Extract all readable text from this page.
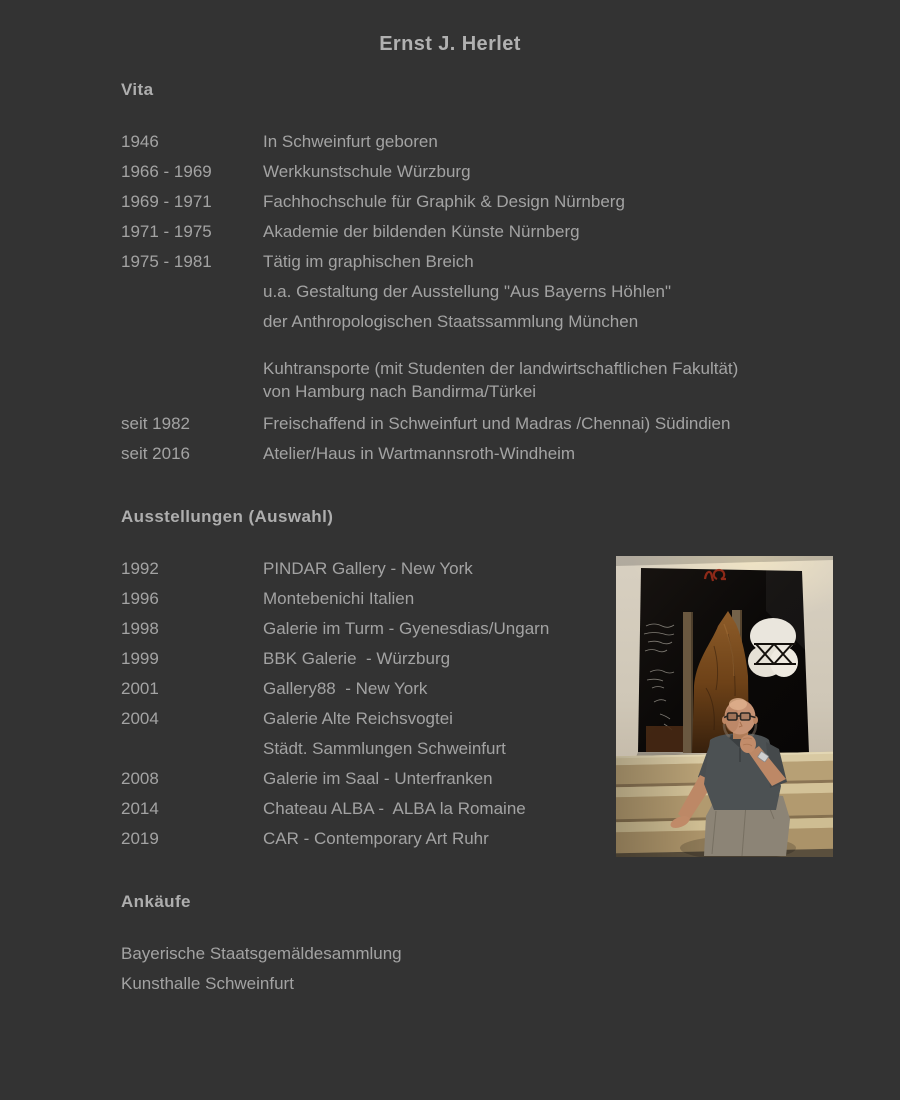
Ernst J. Herlet
Vita
1946	In Schweinfurt geboren
1966 - 1969	Werkkunstschule Würzburg
1969 - 1971	Fachhochschule für Graphik & Design Nürnberg
1971 - 1975	Akademie der bildenden Künste Nürnberg
1975 - 1981	Tätig im graphischen Breich
u.a. Gestaltung der Ausstellung "Aus Bayerns Höhlen"
der Anthropologischen Staatssammlung München
Kuhtransporte (mit Studenten der landwirtschaftlichen Fakultät)
von Hamburg nach Bandirma/Türkei
seit 1982	Freischaffend in Schweinfurt und Madras /Chennai) Südindien
seit 2016	Atelier/Haus in Wartmannsroth-Windheim
Ausstellungen (Auswahl)
1992	PINDAR Gallery - New York
1996	Montebenichi Italien
1998	Galerie im Turm - Gyenesdias/Ungarn
1999	BBK Galerie  - Würzburg
2001	Gallery88  - New York
2004	Galerie Alte Reichsvogtei
Städt. Sammlungen Schweinfurt
2008	Galerie im Saal - Unterfranken
2014	Chateau ALBA -  ALBA la Romaine
2019	CAR - Contemporary Art Ruhr
Ankäufe
Bayerische Staatsgemäldesammlung
Kunsthalle Schweinfurt
